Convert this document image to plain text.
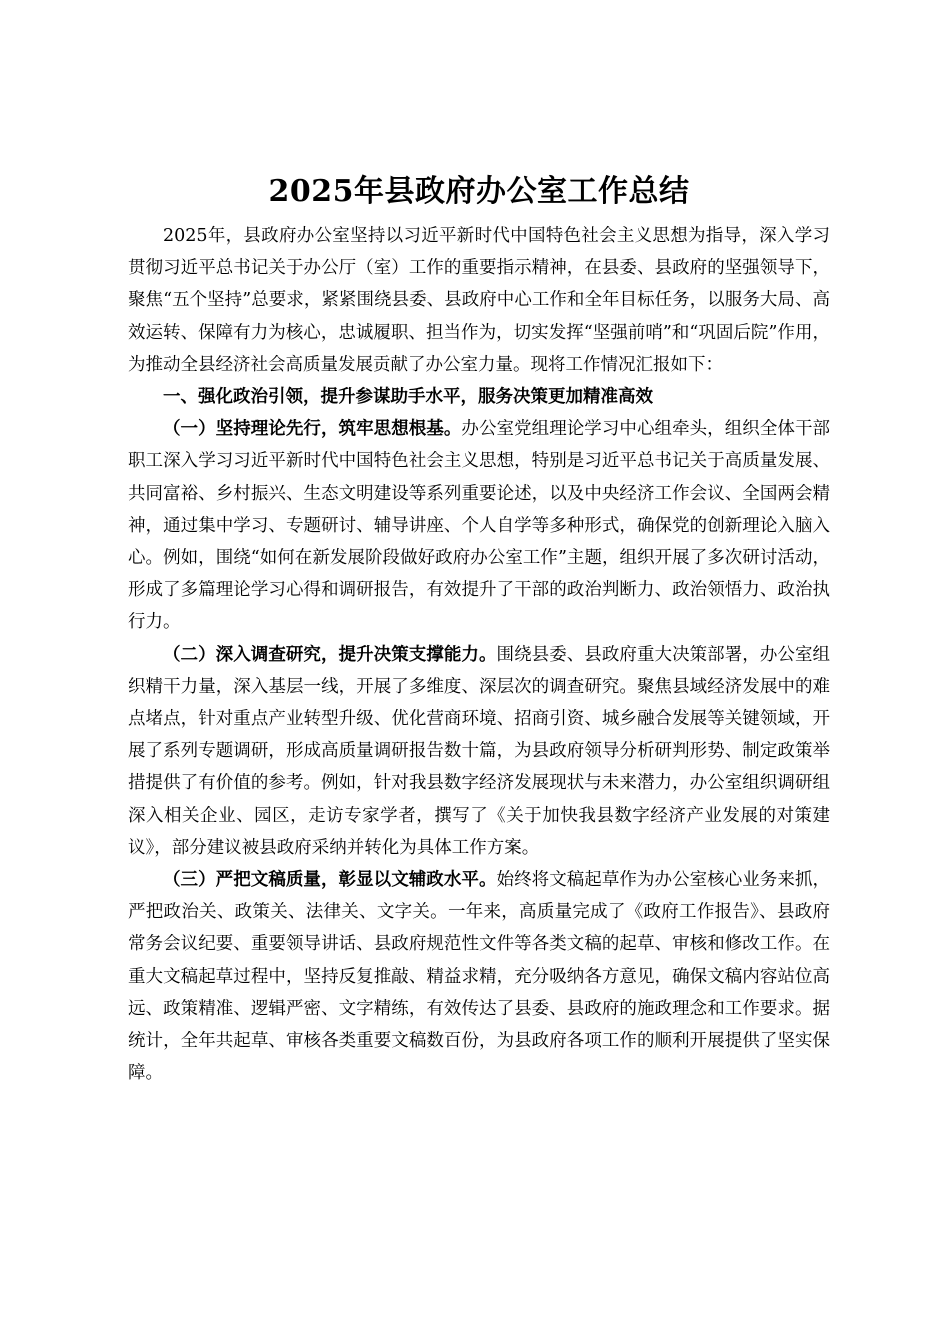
2025年县政府办公室工作总结

2025年，县政府办公室坚持以习近平新时代中国特色社会主义思想为指导，深入学习贯彻习近平总书记关于办公厅（室）工作的重要指示精神，在县委、县政府的坚强领导下，聚焦“五个坚持”总要求，紧紧围绕县委、县政府中心工作和全年目标任务，以服务大局、高效运转、保障有力为核心，忠诚履职、担当作为，切实发挥“坚强前哨”和“巩固后院”作用，为推动全县经济社会高质量发展贡献了办公室力量。现将工作情况汇报如下：

一、强化政治引领，提升参谋助手水平，服务决策更加精准高效

（一）坚持理论先行，筑牢思想根基。办公室党组理论学习中心组牵头，组织全体干部职工深入学习习近平新时代中国特色社会主义思想，特别是习近平总书记关于高质量发展、共同富裕、乡村振兴、生态文明建设等系列重要论述，以及中央经济工作会议、全国两会精神，通过集中学习、专题研讨、辅导讲座、个人自学等多种形式，确保党的创新理论入脑入心。例如，围绕“如何在新发展阶段做好政府办公室工作”主题，组织开展了多次研讨活动，形成了多篇理论学习心得和调研报告，有效提升了干部的政治判断力、政治领悟力、政治执行力。

（二）深入调查研究，提升决策支撑能力。围绕县委、县政府重大决策部署，办公室组织精干力量，深入基层一线，开展了多维度、深层次的调查研究。聚焦县域经济发展中的难点堵点，针对重点产业转型升级、优化营商环境、招商引资、城乡融合发展等关键领域，开展了系列专题调研，形成高质量调研报告数十篇，为县政府领导分析研判形势、制定政策举措提供了有价值的参考。例如，针对我县数字经济发展现状与未来潜力，办公室组织调研组深入相关企业、园区，走访专家学者，撰写了《关于加快我县数字经济产业发展的对策建议》，部分建议被县政府采纳并转化为具体工作方案。

（三）严把文稿质量，彰显以文辅政水平。始终将文稿起草作为办公室核心业务来抓，严把政治关、政策关、法律关、文字关。一年来，高质量完成了《政府工作报告》、县政府常务会议纪要、重要领导讲话、县政府规范性文件等各类文稿的起草、审核和修改工作。在重大文稿起草过程中，坚持反复推敲、精益求精，充分吸纳各方意见，确保文稿内容站位高远、政策精准、逻辑严密、文字精练，有效传达了县委、县政府的施政理念和工作要求。据统计，全年共起草、审核各类重要文稿数百份，为县政府各项工作的顺利开展提供了坚实保障。
